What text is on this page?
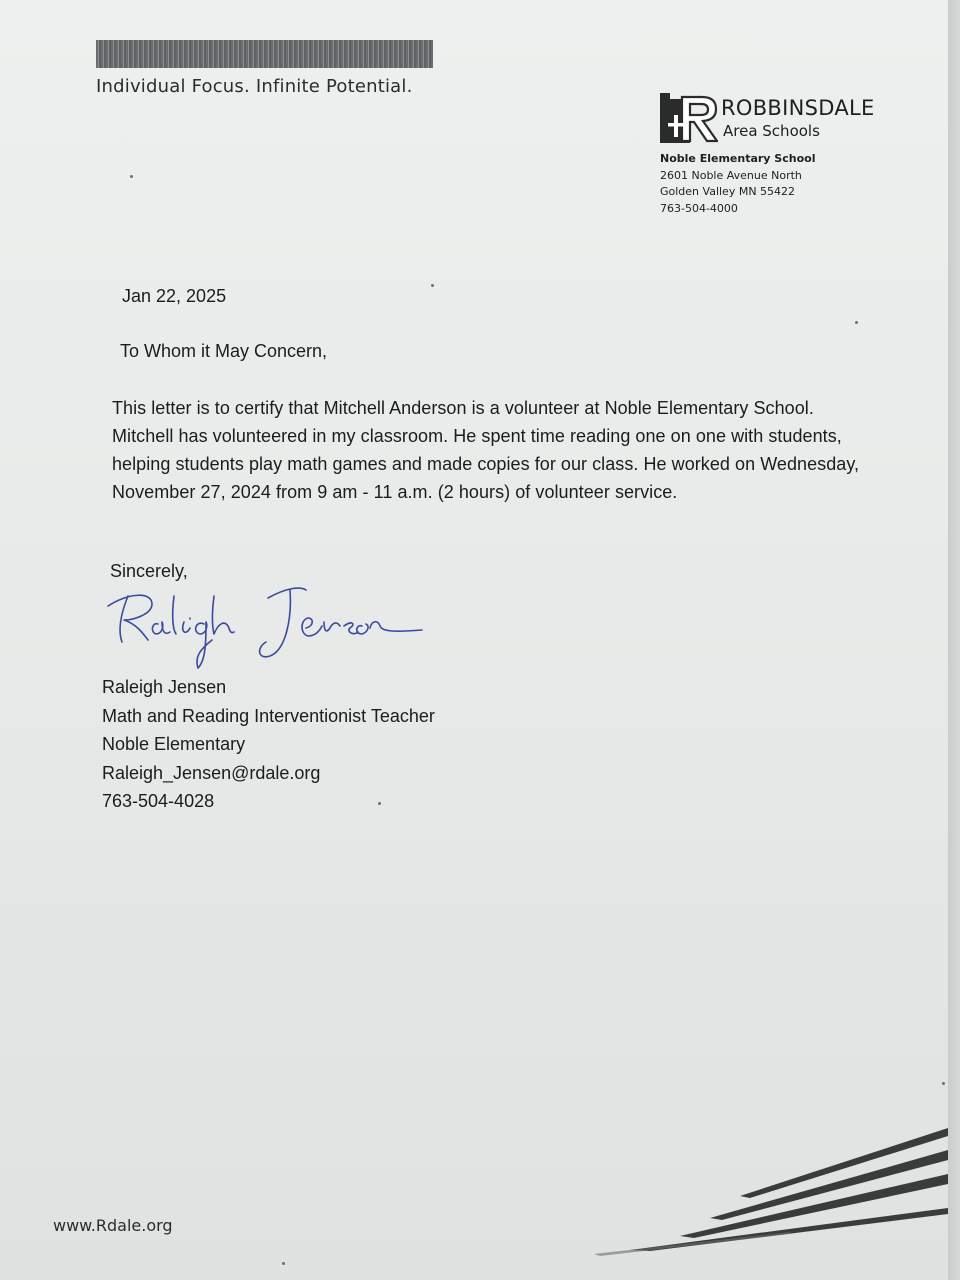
Individual Focus. Infinite Potential.
ROBBINSDALE
Area Schools
Noble Elementary School
2601 Noble Avenue North
Golden Valley MN 55422
763-504-4000
Jan 22, 2025
To Whom it May Concern,
This letter is to certify that Mitchell Anderson is a volunteer at Noble Elementary School. Mitchell has volunteered in my classroom. He spent time reading one on one with students, helping students play math games and made copies for our class. He worked on Wednesday, November 27, 2024 from 9 am - 11 a.m. (2 hours) of volunteer service.
Sincerely,
Raleigh Jensen
Math and Reading Interventionist Teacher
Noble Elementary
Raleigh_Jensen@rdale.org
763-504-4028
www.Rdale.org
